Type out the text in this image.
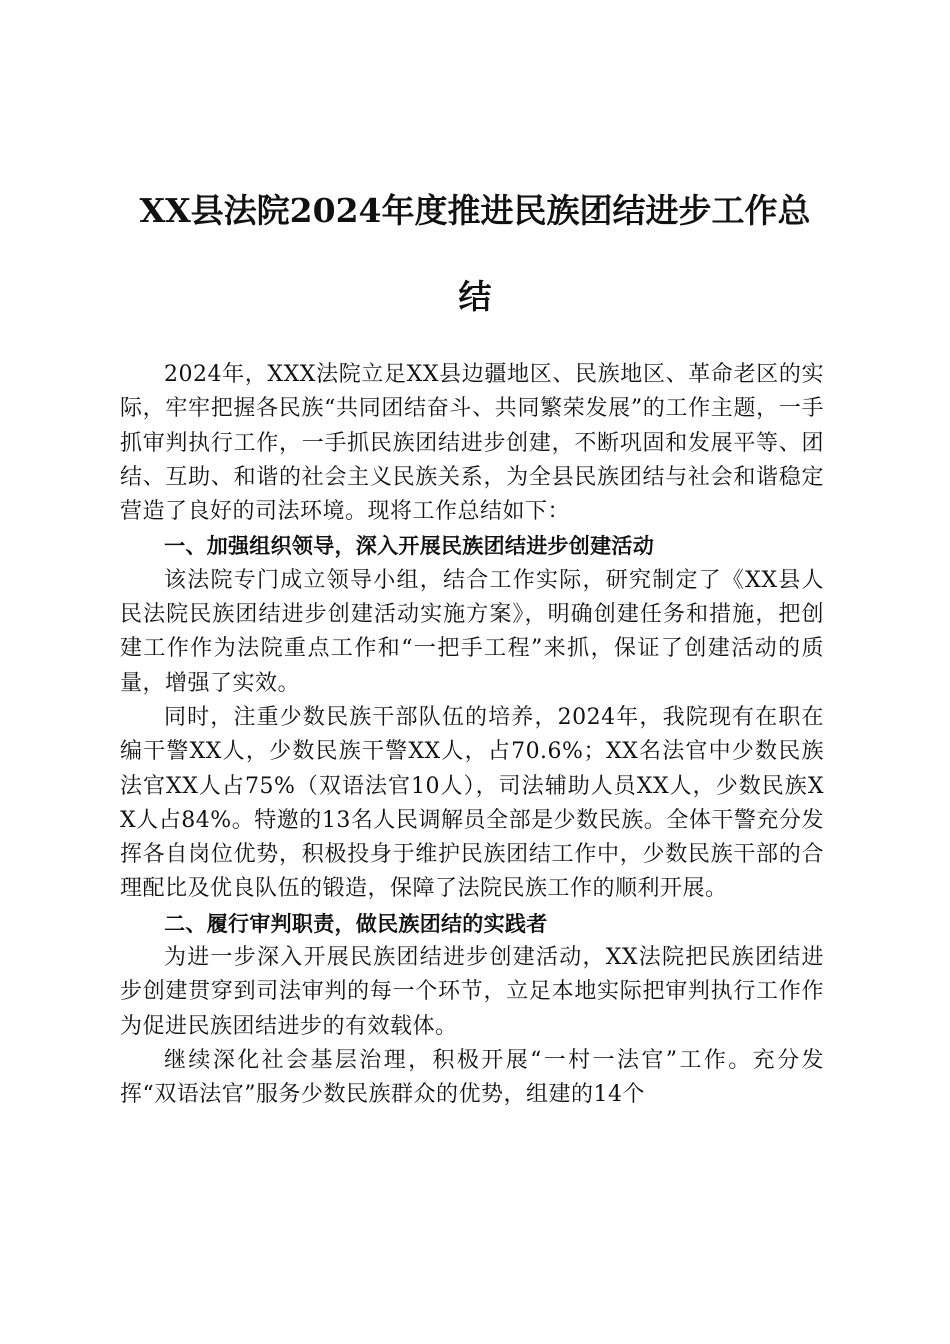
XX县法院2024年度推进民族团结进步工作总
结

2024年，XXX法院立足XX县边疆地区、民族地区、革命老区的实际，牢牢把握各民族“共同团结奋斗、共同繁荣发展”的工作主题，一手抓审判执行工作，一手抓民族团结进步创建，不断巩固和发展平等、团结、互助、和谐的社会主义民族关系，为全县民族团结与社会和谐稳定营造了良好的司法环境。现将工作总结如下：

一、加强组织领导，深入开展民族团结进步创建活动

该法院专门成立领导小组，结合工作实际，研究制定了《XX县人民法院民族团结进步创建活动实施方案》，明确创建任务和措施，把创建工作作为法院重点工作和“一把手工程”来抓，保证了创建活动的质量，增强了实效。

同时，注重少数民族干部队伍的培养，2024年，我院现有在职在编干警XX人，少数民族干警XX人，占70.6%；XX名法官中少数民族法官XX人占75%（双语法官10人），司法辅助人员XX人，少数民族XX人占84%。特邀的13名人民调解员全部是少数民族。全体干警充分发挥各自岗位优势，积极投身于维护民族团结工作中，少数民族干部的合理配比及优良队伍的锻造，保障了法院民族工作的顺利开展。

二、履行审判职责，做民族团结的实践者

为进一步深入开展民族团结进步创建活动，XX法院把民族团结进步创建贯穿到司法审判的每一个环节，立足本地实际把审判执行工作作为促进民族团结进步的有效载体。

继续深化社会基层治理，积极开展“一村一法官”工作。充分发挥“双语法官”服务少数民族群众的优势，组建的14个
